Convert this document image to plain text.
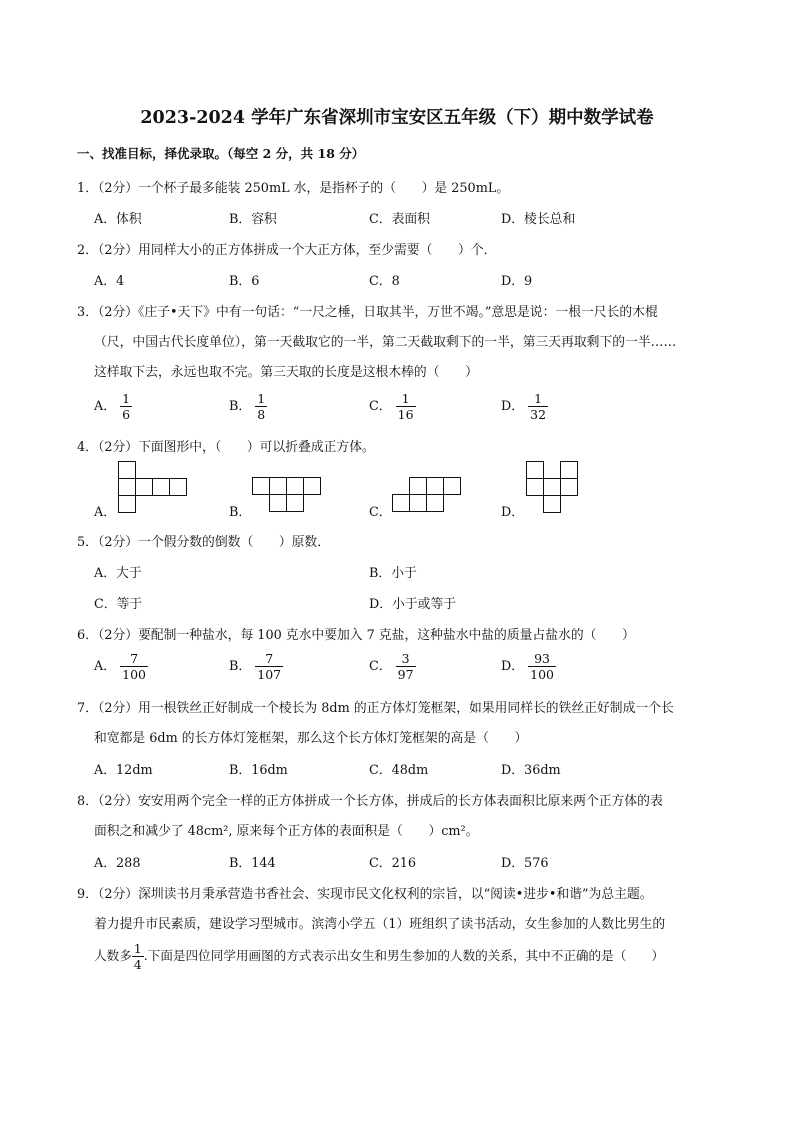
2023-2024 学年广东省深圳市宝安区五年级（下）期中数学试卷
一、找准目标，择优录取。（每空 2 分，共 18 分）
1．（2分）一个杯子最多能装 250mL 水，是指杯子的（　　）是 250mL。
A．体积	B．容积	C．表面积	D．棱长总和
2．（2分）用同样大小的正方体拼成一个大正方体，至少需要（　　）个．
A．4	B．6	C．8	D．9
3．（2分）《庄子•天下》中有一句话：“一尺之棰，日取其半，万世不竭。”意思是说：一根一尺长的木棍
（尺，中国古代长度单位），第一天截取它的一半，第二天截取剩下的一半，第三天再取剩下的一半……
这样取下去，永远也取不完。第三天取的长度是这根木棒的（　　）
A． $\frac{1}{6}$	B． $\frac{1}{8}$	C． $\frac{1}{16}$	D． $\frac{1}{32}$
4．（2分）下面图形中，（　　）可以折叠成正方体。
A．	B．	C．	D．
5．（2分）一个假分数的倒数（　　）原数．
A．大于	B．小于
C．等于	D．小于或等于
6．（2分）要配制一种盐水，每 100 克水中要加入 7 克盐，这种盐水中盐的质量占盐水的（　　）
A． $\frac{7}{100}$	B． $\frac{7}{107}$	C． $\frac{3}{97}$	D． $\frac{93}{100}$
7．（2分）用一根铁丝正好制成一个棱长为 8dm 的正方体灯笼框架，如果用同样长的铁丝正好制成一个长
和宽都是 6dm 的长方体灯笼框架，那么这个长方体灯笼框架的高是（　　）
A．12dm	B．16dm	C．48dm	D．36dm
8．（2分）安安用两个完全一样的正方体拼成一个长方体，拼成后的长方体表面积比原来两个正方体的表
面积之和减少了 48cm², 原来每个正方体的表面积是（　　）cm²。
A．288	B．144	C．216	D．576
9．（2分）深圳读书月秉承营造书香社会、实现市民文化权利的宗旨，以“阅读•进步•和谐”为总主题。
着力提升市民素质，建设学习型城市。滨湾小学五（1）班组织了读书活动，女生参加的人数比男生的
人数多 $\frac{1}{4}$ .下面是四位同学用画图的方式表示出女生和男生参加的人数的关系，其中不正确的是（　　）
